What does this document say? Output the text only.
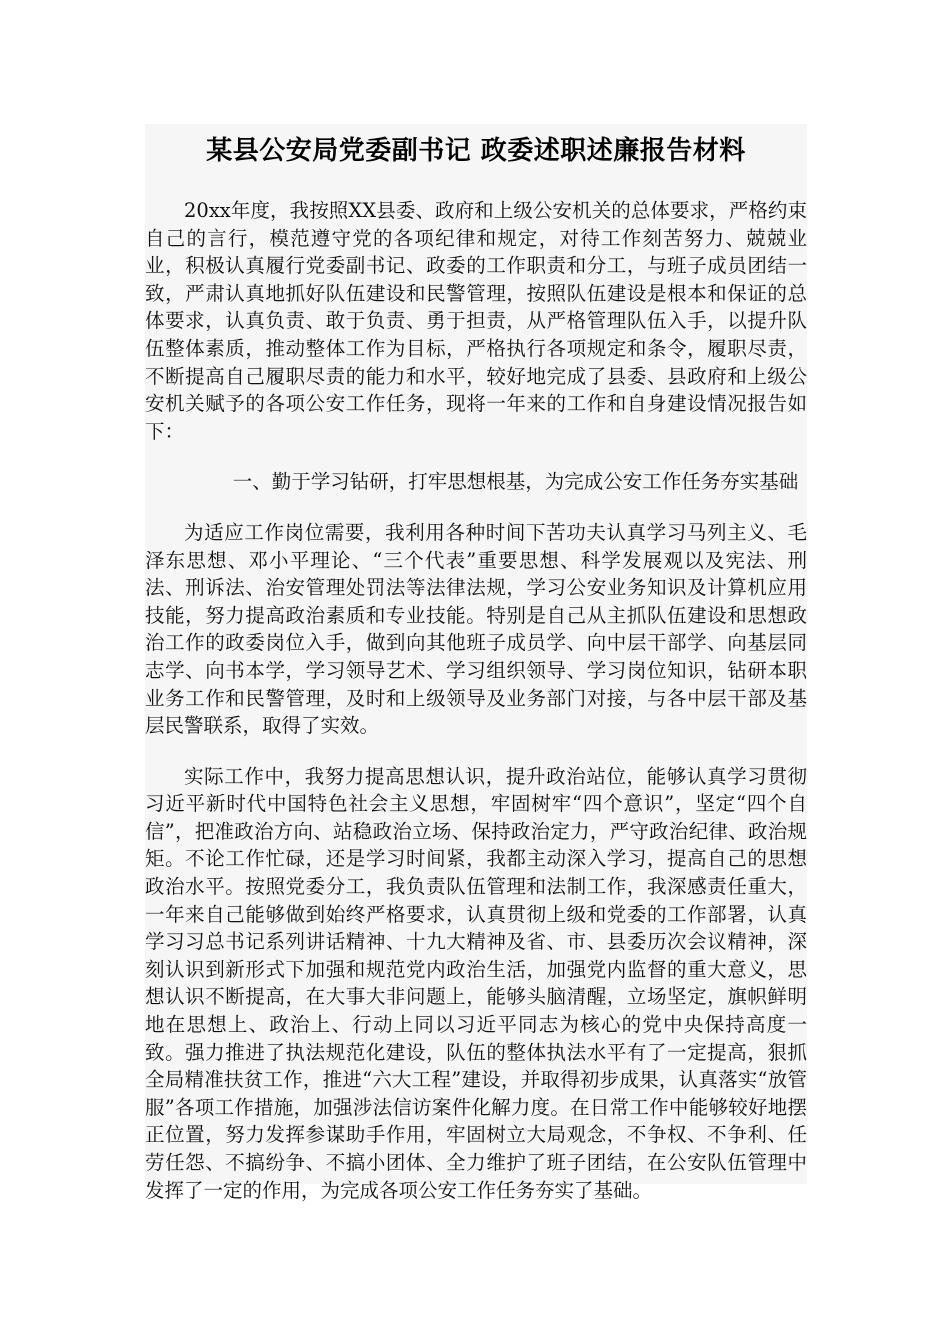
某县公安局党委副书记 政委述职述廉报告材料

20xx年度，我按照XX县委、政府和上级公安机关的总体要求，严格约束自己的言行，模范遵守党的各项纪律和规定，对待工作刻苦努力、兢兢业业，积极认真履行党委副书记、政委的工作职责和分工，与班子成员团结一致，严肃认真地抓好队伍建设和民警管理，按照队伍建设是根本和保证的总体要求，认真负责、敢于负责、勇于担责，从严格管理队伍入手，以提升队伍整体素质，推动整体工作为目标，严格执行各项规定和条令，履职尽责，不断提高自己履职尽责的能力和水平，较好地完成了县委、县政府和上级公安机关赋予的各项公安工作任务，现将一年来的工作和自身建设情况报告如下：

一、勤于学习钻研，打牢思想根基，为完成公安工作任务夯实基础

为适应工作岗位需要，我利用各种时间下苦功夫认真学习马列主义、毛泽东思想、邓小平理论、“三个代表”重要思想、科学发展观以及宪法、刑法、刑诉法、治安管理处罚法等法律法规，学习公安业务知识及计算机应用技能，努力提高政治素质和专业技能。特别是自己从主抓队伍建设和思想政治工作的政委岗位入手，做到向其他班子成员学、向中层干部学、向基层同志学、向书本学，学习领导艺术、学习组织领导、学习岗位知识，钻研本职业务工作和民警管理，及时和上级领导及业务部门对接，与各中层干部及基层民警联系，取得了实效。

实际工作中，我努力提高思想认识，提升政治站位，能够认真学习贯彻习近平新时代中国特色社会主义思想，牢固树牢“四个意识”，坚定“四个自信”，把准政治方向、站稳政治立场、保持政治定力，严守政治纪律、政治规矩。不论工作忙碌，还是学习时间紧，我都主动深入学习，提高自己的思想政治水平。按照党委分工，我负责队伍管理和法制工作，我深感责任重大，一年来自己能够做到始终严格要求，认真贯彻上级和党委的工作部署，认真学习习总书记系列讲话精神、十九大精神及省、市、县委历次会议精神，深刻认识到新形式下加强和规范党内政治生活，加强党内监督的重大意义，思想认识不断提高，在大事大非问题上，能够头脑清醒，立场坚定，旗帜鲜明地在思想上、政治上、行动上同以习近平同志为核心的党中央保持高度一致。强力推进了执法规范化建设，队伍的整体执法水平有了一定提高，狠抓全局精准扶贫工作，推进“六大工程”建设，并取得初步成果，认真落实“放管服”各项工作措施，加强涉法信访案件化解力度。在日常工作中能够较好地摆正位置，努力发挥参谋助手作用，牢固树立大局观念，不争权、不争利、任劳任怨、不搞纷争、不搞小团体、全力维护了班子团结，在公安队伍管理中发挥了一定的作用，为完成各项公安工作任务夯实了基础。
